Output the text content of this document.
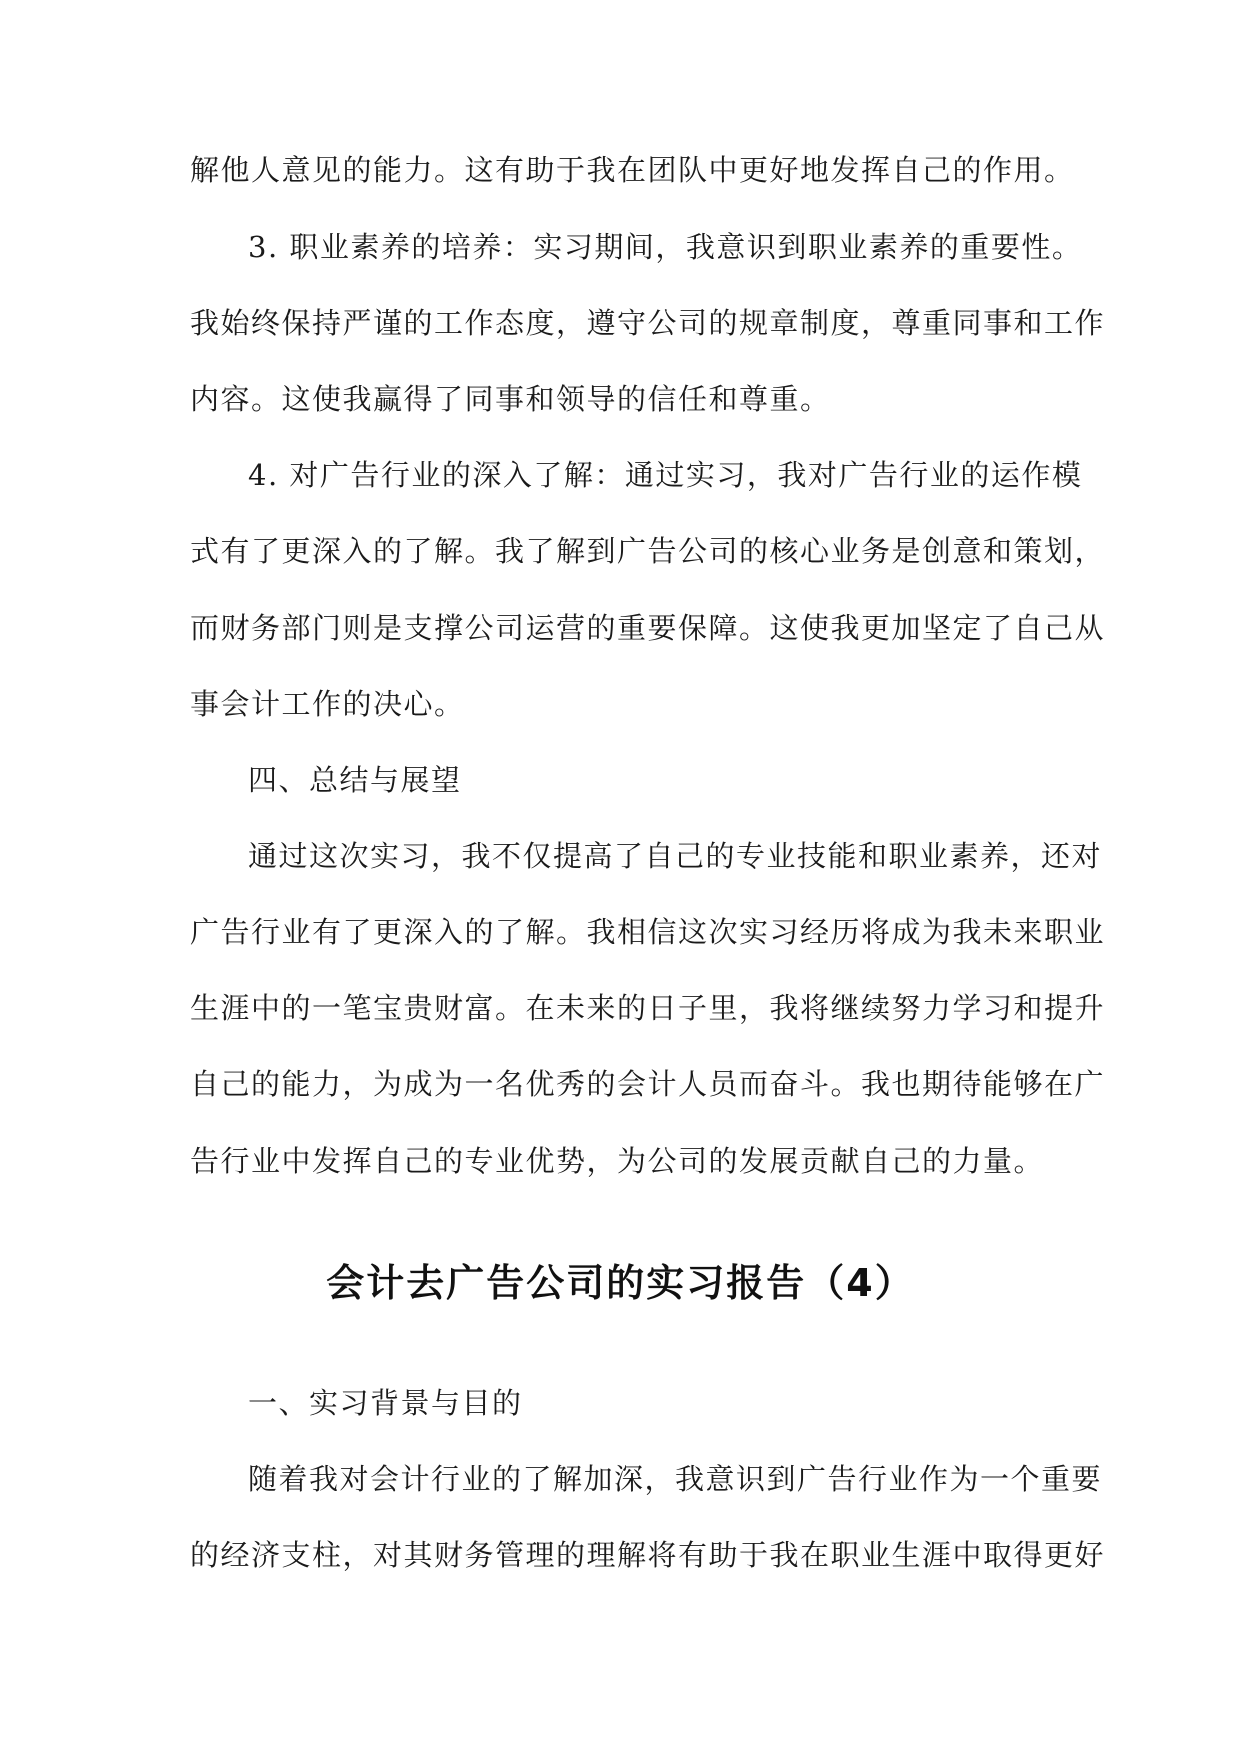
解他人意见的能力。这有助于我在团队中更好地发挥自己的作用。
3. 职业素养的培养：实习期间，我意识到职业素养的重要性。
我始终保持严谨的工作态度，遵守公司的规章制度，尊重同事和工作
内容。这使我赢得了同事和领导的信任和尊重。
4. 对广告行业的深入了解：通过实习，我对广告行业的运作模
式有了更深入的了解。我了解到广告公司的核心业务是创意和策划，
而财务部门则是支撑公司运营的重要保障。这使我更加坚定了自己从
事会计工作的决心。
四、总结与展望
通过这次实习，我不仅提高了自己的专业技能和职业素养，还对
广告行业有了更深入的了解。我相信这次实习经历将成为我未来职业
生涯中的一笔宝贵财富。在未来的日子里，我将继续努力学习和提升
自己的能力，为成为一名优秀的会计人员而奋斗。我也期待能够在广
告行业中发挥自己的专业优势，为公司的发展贡献自己的力量。
会计去广告公司的实习报告（4）
一、实习背景与目的
随着我对会计行业的了解加深，我意识到广告行业作为一个重要
的经济支柱，对其财务管理的理解将有助于我在职业生涯中取得更好
